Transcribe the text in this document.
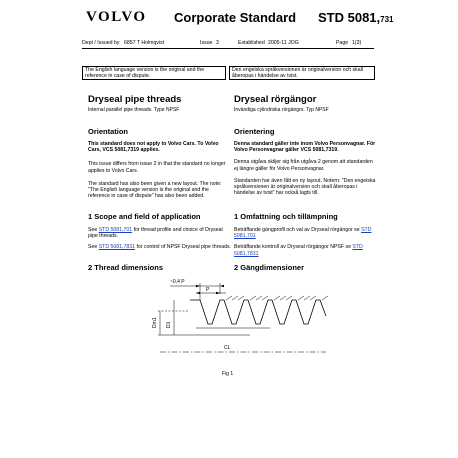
VOLVO Corporate Standard STD 5081,731
Dept / Issued by 6857 T Holmqvist	Issue 3	Established 2005-11 JOG	Page 1(3)
The English language version is the original and the reference in case of dispute.
Den engelska språkversionen är originalversion och skall åberopas i händelse av tvist.
Dryseal pipe threads
Internal parallel pipe threads. Type NPSF
Orientation

This standard does not apply to Volvo Cars. To Volvo Cars, VCS 5081,7319 applies.

This issue differs from issue 2 in that the standard no longer applies to Volvo Cars.

The standard has also been given a new layout. The note: "The English language version is the original and the reference in case of dispute" has also been added.

1 Scope and field of application

See STD 5081,701 for thread profile and choice of Dryseal pipe threads.

See STD 5081,7831 for control of NPSF Dryseal pipe threads.

2 Thread dimensions
Dryseal rörgängor
Invändiga cylindriska rörgängor. Typ NPSF
Orientering

Denna standard gäller inte inom Volvo Personvagnar. För Volvo Personvagnar gäller VCS 5081,7319.

Denna utgåva skiljer sig från utgåva 2 genom att standarden ej längre gäller för Volvo Personvagnar.

Standarden har även fått en ny layout. Notern: "Den engelska språkversionen är originalversion och skall åberopas i händelse av tvist" har också lagts till.

1 Omfattning och tillämpning

Beträffande gängprofil och val av Dryseal rörgängor se STD 5081,701

Beträffande kontroll av Dryseal rörgängor NPSF se STD 5081,7831

2 Gängdimensioner
~0,4 P
P
Dm1 D1
CL
Fig 1
